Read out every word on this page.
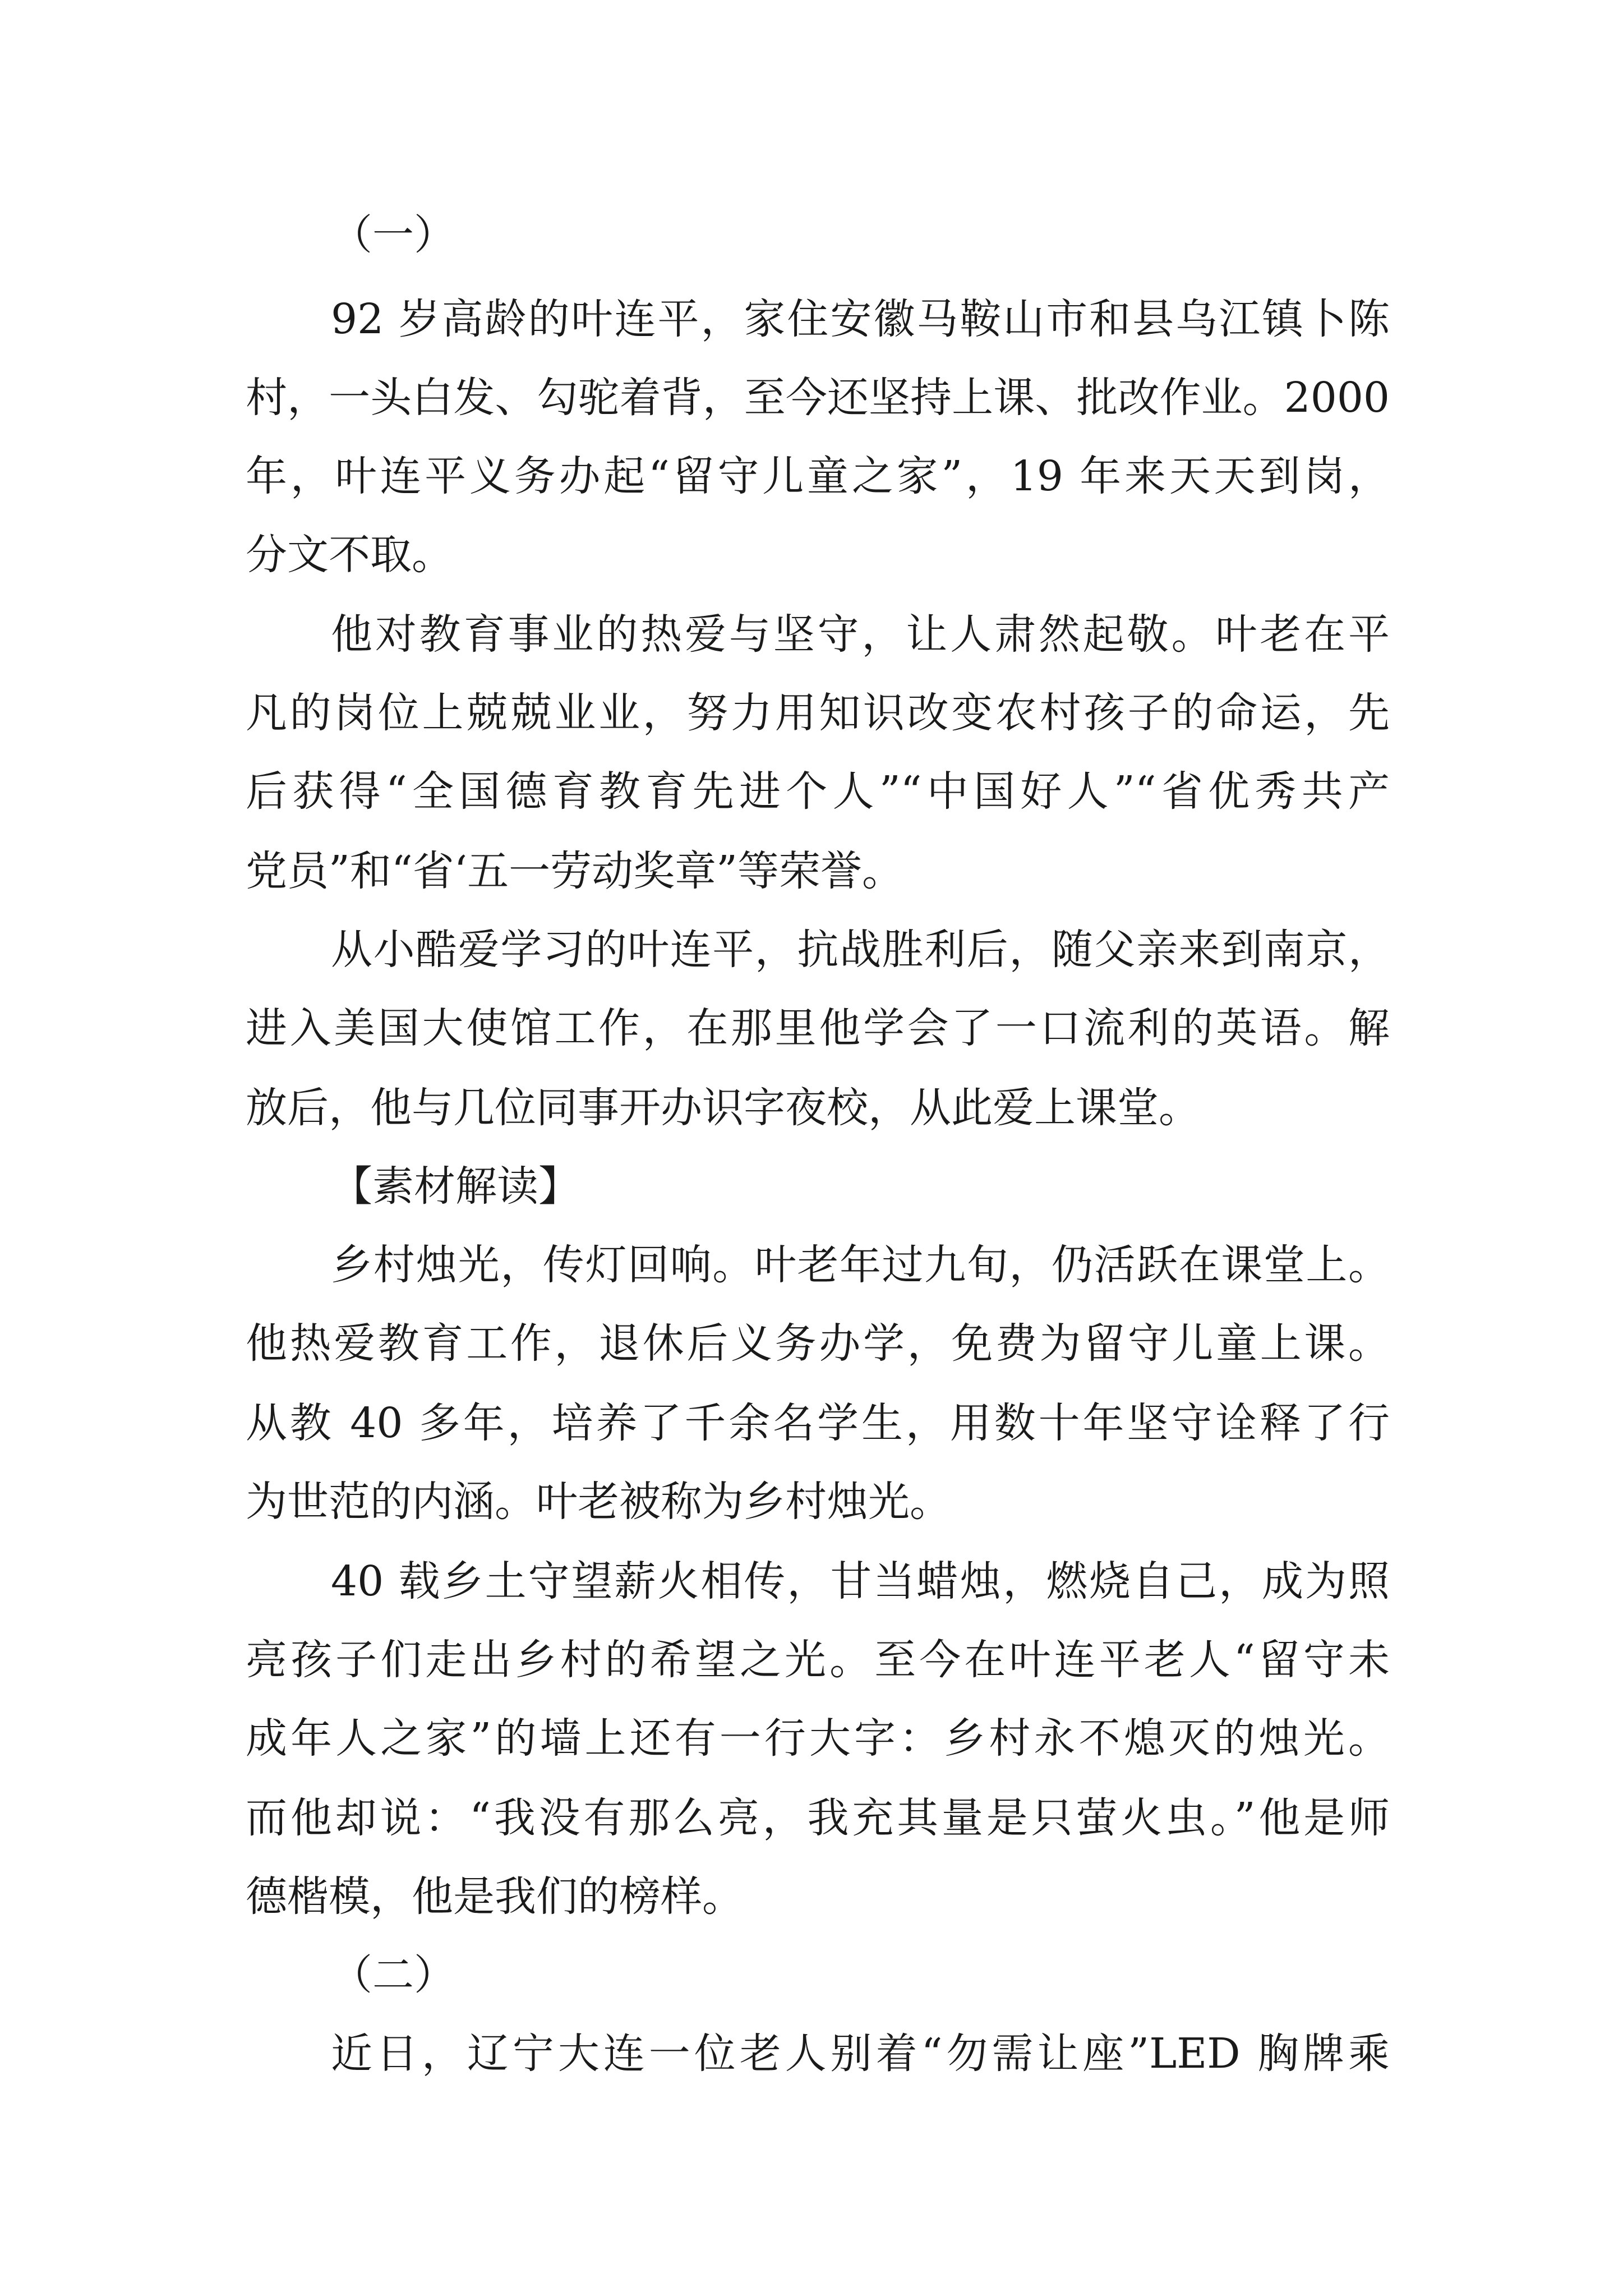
（一）
92 岁高龄的叶连平，家住安徽马鞍山市和县乌江镇卜陈
村，一头白发、勾驼着背，至今还坚持上课、批改作业。2000
年，叶连平义务办起“留守儿童之家”，19 年来天天到岗，
分文不取。
他对教育事业的热爱与坚守，让人肃然起敬。叶老在平
凡的岗位上兢兢业业，努力用知识改变农村孩子的命运，先
后获得“全国德育教育先进个人”“中国好人”“省优秀共产
党员”和“省‘五一劳动奖章”等荣誉。
从小酷爱学习的叶连平，抗战胜利后，随父亲来到南京，
进入美国大使馆工作，在那里他学会了一口流利的英语。解
放后，他与几位同事开办识字夜校，从此爱上课堂。
【素材解读】
乡村烛光，传灯回响。叶老年过九旬，仍活跃在课堂上。
他热爱教育工作，退休后义务办学，免费为留守儿童上课。
从教 40 多年，培养了千余名学生，用数十年坚守诠释了行
为世范的内涵。叶老被称为乡村烛光。
40 载乡土守望薪火相传，甘当蜡烛，燃烧自己，成为照
亮孩子们走出乡村的希望之光。至今在叶连平老人“留守未
成年人之家”的墙上还有一行大字：乡村永不熄灭的烛光。
而他却说：“我没有那么亮，我充其量是只萤火虫。”他是师
德楷模，他是我们的榜样。
（二）
近日，辽宁大连一位老人别着“勿需让座”LED 胸牌乘
